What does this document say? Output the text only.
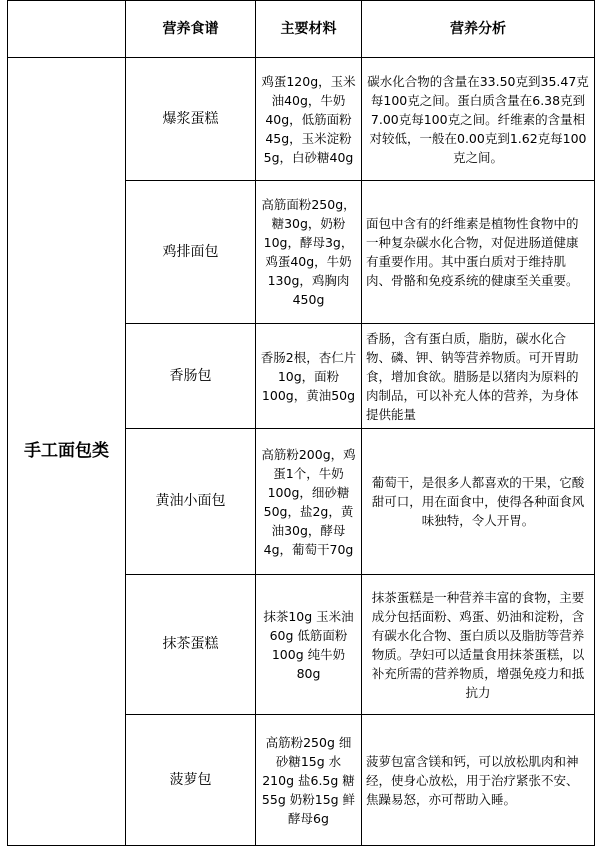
	营养食谱	主要材料	营养分析
手工面包类	爆浆蛋糕	鸡蛋120g，玉米油40g，牛奶40g，低筋面粉45g，玉米淀粉5g，白砂糖40g	碳水化合物的含量在33.50克到35.47克每100克之间。蛋白质含量在6.38克到7.00克每100克之间。纤维素的含量相对较低，一般在0.00克到1.62克每100克之间。
	鸡排面包	高筋面粉250g，糖30g，奶粉10g，酵母3g，鸡蛋40g，牛奶130g，鸡胸肉450g	面包中含有的纤维素是植物性食物中的一种复杂碳水化合物，对促进肠道健康有重要作用。其中蛋白质对于维持肌肉、骨骼和免疫系统的健康至关重要。
	香肠包	香肠2根，杏仁片10g，面粉100g，黄油50g	香肠，含有蛋白质，脂肪，碳水化合物、磷、钾、钠等营养物质。可开胃助食，增加食欲。腊肠是以猪肉为原料的肉制品，可以补充人体的营养，为身体提供能量
	黄油小面包	高筋粉200g，鸡蛋1个，牛奶100g，细砂糖50g，盐2g，黄油30g，酵母4g，葡萄干70g	葡萄干，是很多人都喜欢的干果，它酸甜可口，用在面食中，使得各种面食风味独特，令人开胃。
	抹茶蛋糕	抹茶10g 玉米油60g 低筋面粉100g 纯牛奶80g	抹茶蛋糕是一种营养丰富的食物，主要成分包括面粉、鸡蛋、奶油和淀粉，含有碳水化合物、蛋白质以及脂肪等营养物质。孕妇可以适量食用抹茶蛋糕，以补充所需的营养物质，增强免疫力和抵抗力
	菠萝包	高筋粉250g 细砂糖15g 水210g 盐6.5g 糖55g 奶粉15g 鲜酵母6g	菠萝包富含镁和钙，可以放松肌肉和神经，使身心放松，用于治疗紧张不安、焦躁易怒，亦可帮助入睡。
